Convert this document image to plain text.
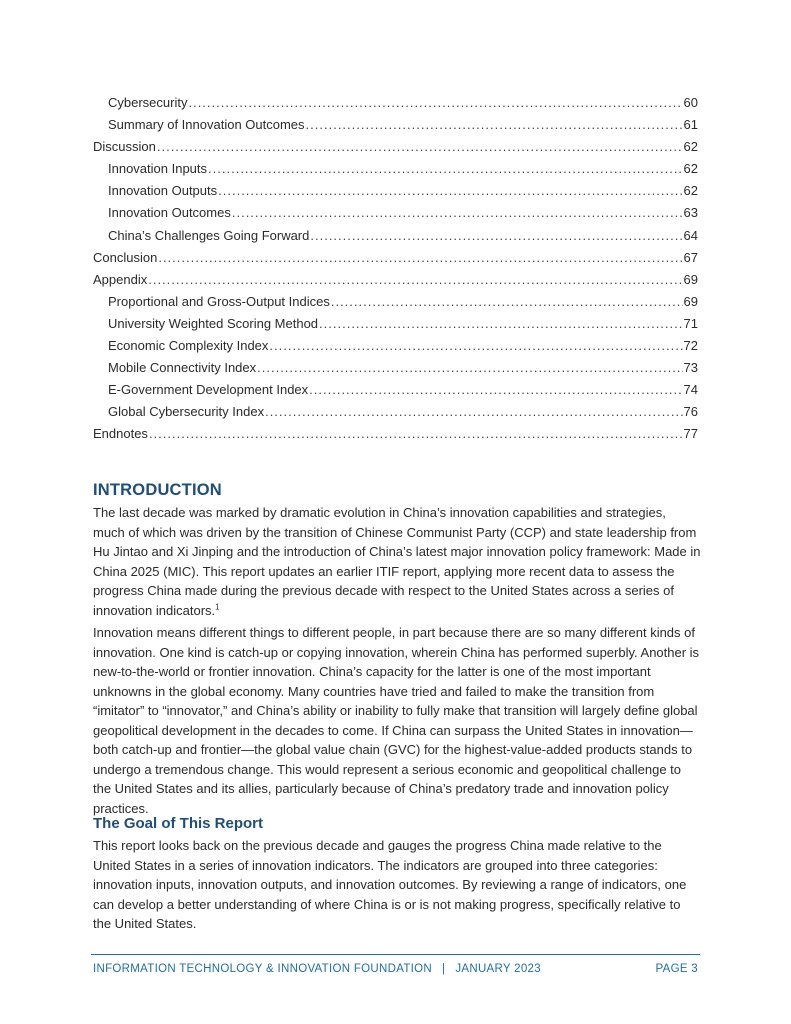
Cybersecurity .....	60
Summary of Innovation Outcomes .....	61
Discussion .....	62
Innovation Inputs .....	62
Innovation Outputs .....	62
Innovation Outcomes .....	63
China’s Challenges Going Forward .....	64
Conclusion .....	67
Appendix .....	69
Proportional and Gross-Output Indices .....	69
University Weighted Scoring Method .....	71
Economic Complexity Index .....	72
Mobile Connectivity Index .....	73
E-Government Development Index .....	74
Global Cybersecurity Index .....	76
Endnotes .....	77
INTRODUCTION

The last decade was marked by dramatic evolution in China’s innovation capabilities and strategies, much of which was driven by the transition of Chinese Communist Party (CCP) and state leadership from Hu Jintao and Xi Jinping and the introduction of China’s latest major innovation policy framework: Made in China 2025 (MIC). This report updates an earlier ITIF report, applying more recent data to assess the progress China made during the previous decade with respect to the United States across a series of innovation indicators.$^1$

Innovation means different things to different people, in part because there are so many different kinds of innovation. One kind is catch-up or copying innovation, wherein China has performed superbly. Another is new-to-the-world or frontier innovation. China’s capacity for the latter is one of the most important unknowns in the global economy. Many countries have tried and failed to make the transition from “imitator” to “innovator,” and China’s ability or inability to fully make that transition will largely define global geopolitical development in the decades to come. If China can surpass the United States in innovation—both catch-up and frontier—the global value chain (GVC) for the highest-value-added products stands to undergo a tremendous change. This would represent a serious economic and geopolitical challenge to the United States and its allies, particularly because of China’s predatory trade and innovation policy practices.

The Goal of This Report

This report looks back on the previous decade and gauges the progress China made relative to the United States in a series of innovation indicators. The indicators are grouped into three categories: innovation inputs, innovation outputs, and innovation outcomes. By reviewing a range of indicators, one can develop a better understanding of where China is or is not making progress, specifically relative to the United States.

INFORMATION TECHNOLOGY & INNOVATION FOUNDATION | JANUARY 2023	PAGE 3
